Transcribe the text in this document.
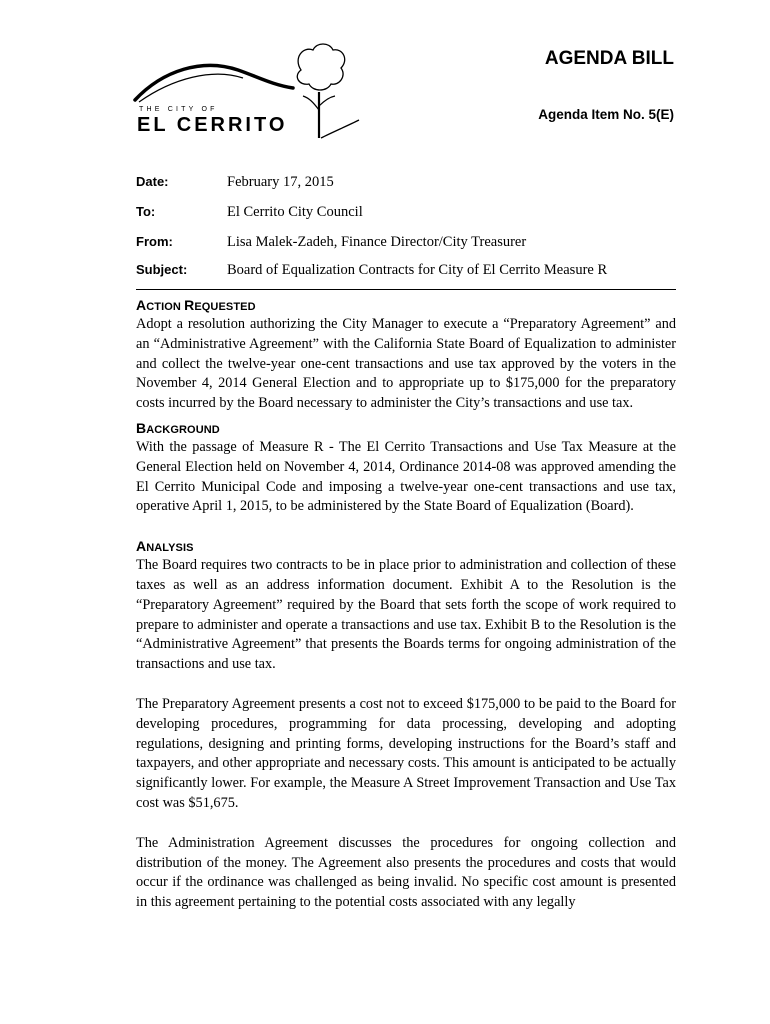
THE CITY OF
EL CERRITO
AGENDA BILL
Agenda Item No. 5(E)
Date:	February 17, 2015
To:	El Cerrito City Council
From:	Lisa Malek-Zadeh, Finance Director/City Treasurer
Subject:	Board of Equalization Contracts for City of El Cerrito Measure R
ACTION REQUESTED

Adopt a resolution authorizing the City Manager to execute a “Preparatory Agreement” and an “Administrative Agreement” with the California State Board of Equalization to administer and collect the twelve-year one-cent transactions and use tax approved by the voters in the November 4, 2014 General Election and to appropriate up to $175,000 for the preparatory costs incurred by the Board necessary to administer the City’s transactions and use tax.

BACKGROUND

With the passage of Measure R - The El Cerrito Transactions and Use Tax Measure at the General Election held on November 4, 2014, Ordinance 2014-08 was approved amending the El Cerrito Municipal Code and imposing a twelve-year one-cent transactions and use tax, operative April 1, 2015, to be administered by the State Board of Equalization (Board).

ANALYSIS

The Board requires two contracts to be in place prior to administration and collection of these taxes as well as an address information document. Exhibit A to the Resolution is the “Preparatory Agreement” required by the Board that sets forth the scope of work required to prepare to administer and operate a transactions and use tax. Exhibit B to the Resolution is the “Administrative Agreement” that presents the Boards terms for ongoing administration of the transactions and use tax.

The Preparatory Agreement presents a cost not to exceed $175,000 to be paid to the Board for developing procedures, programming for data processing, developing and adopting regulations, designing and printing forms, developing instructions for the Board’s staff and taxpayers, and other appropriate and necessary costs. This amount is anticipated to be actually significantly lower. For example, the Measure A Street Improvement Transaction and Use Tax cost was $51,675.

The Administration Agreement discusses the procedures for ongoing collection and distribution of the money. The Agreement also presents the procedures and costs that would occur if the ordinance was challenged as being invalid. No specific cost amount is presented in this agreement pertaining to the potential costs associated with any legally
